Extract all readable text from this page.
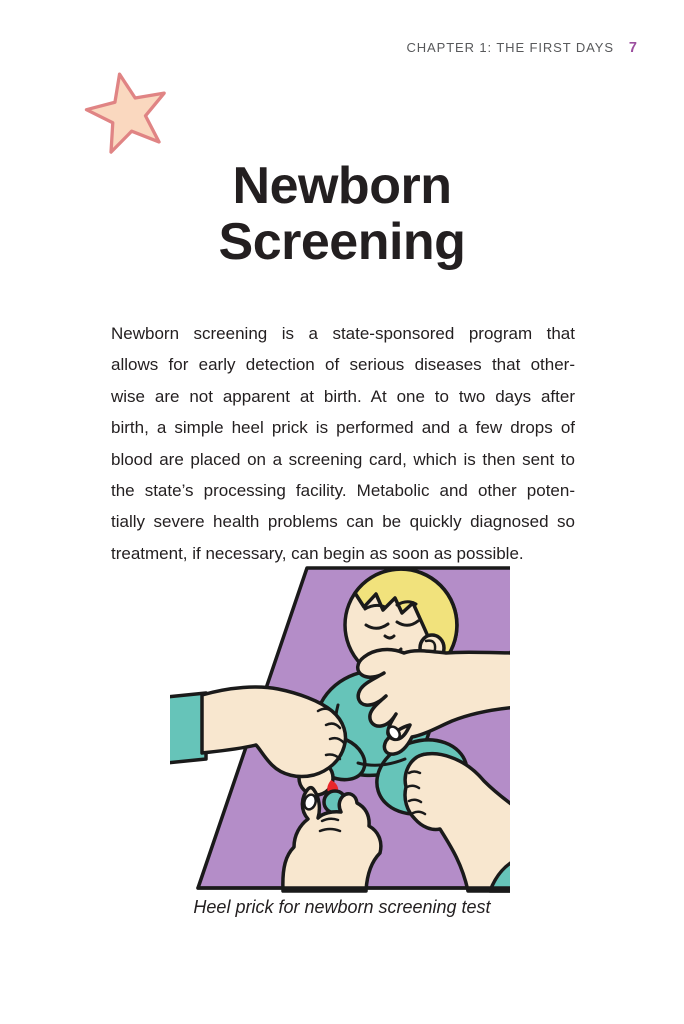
CHAPTER 1: THE FIRST DAYS 7
Newborn
Screening
Newborn screening is a state-sponsored program that
allows for early detection of serious diseases that other-
wise are not apparent at birth. At one to two days after
birth, a simple heel prick is performed and a few drops of
blood are placed on a screening card, which is then sent to
the state’s processing facility. Metabolic and other poten-
tially severe health problems can be quickly diagnosed so
treatment, if necessary, can begin as soon as possible.
Heel prick for newborn screening test
